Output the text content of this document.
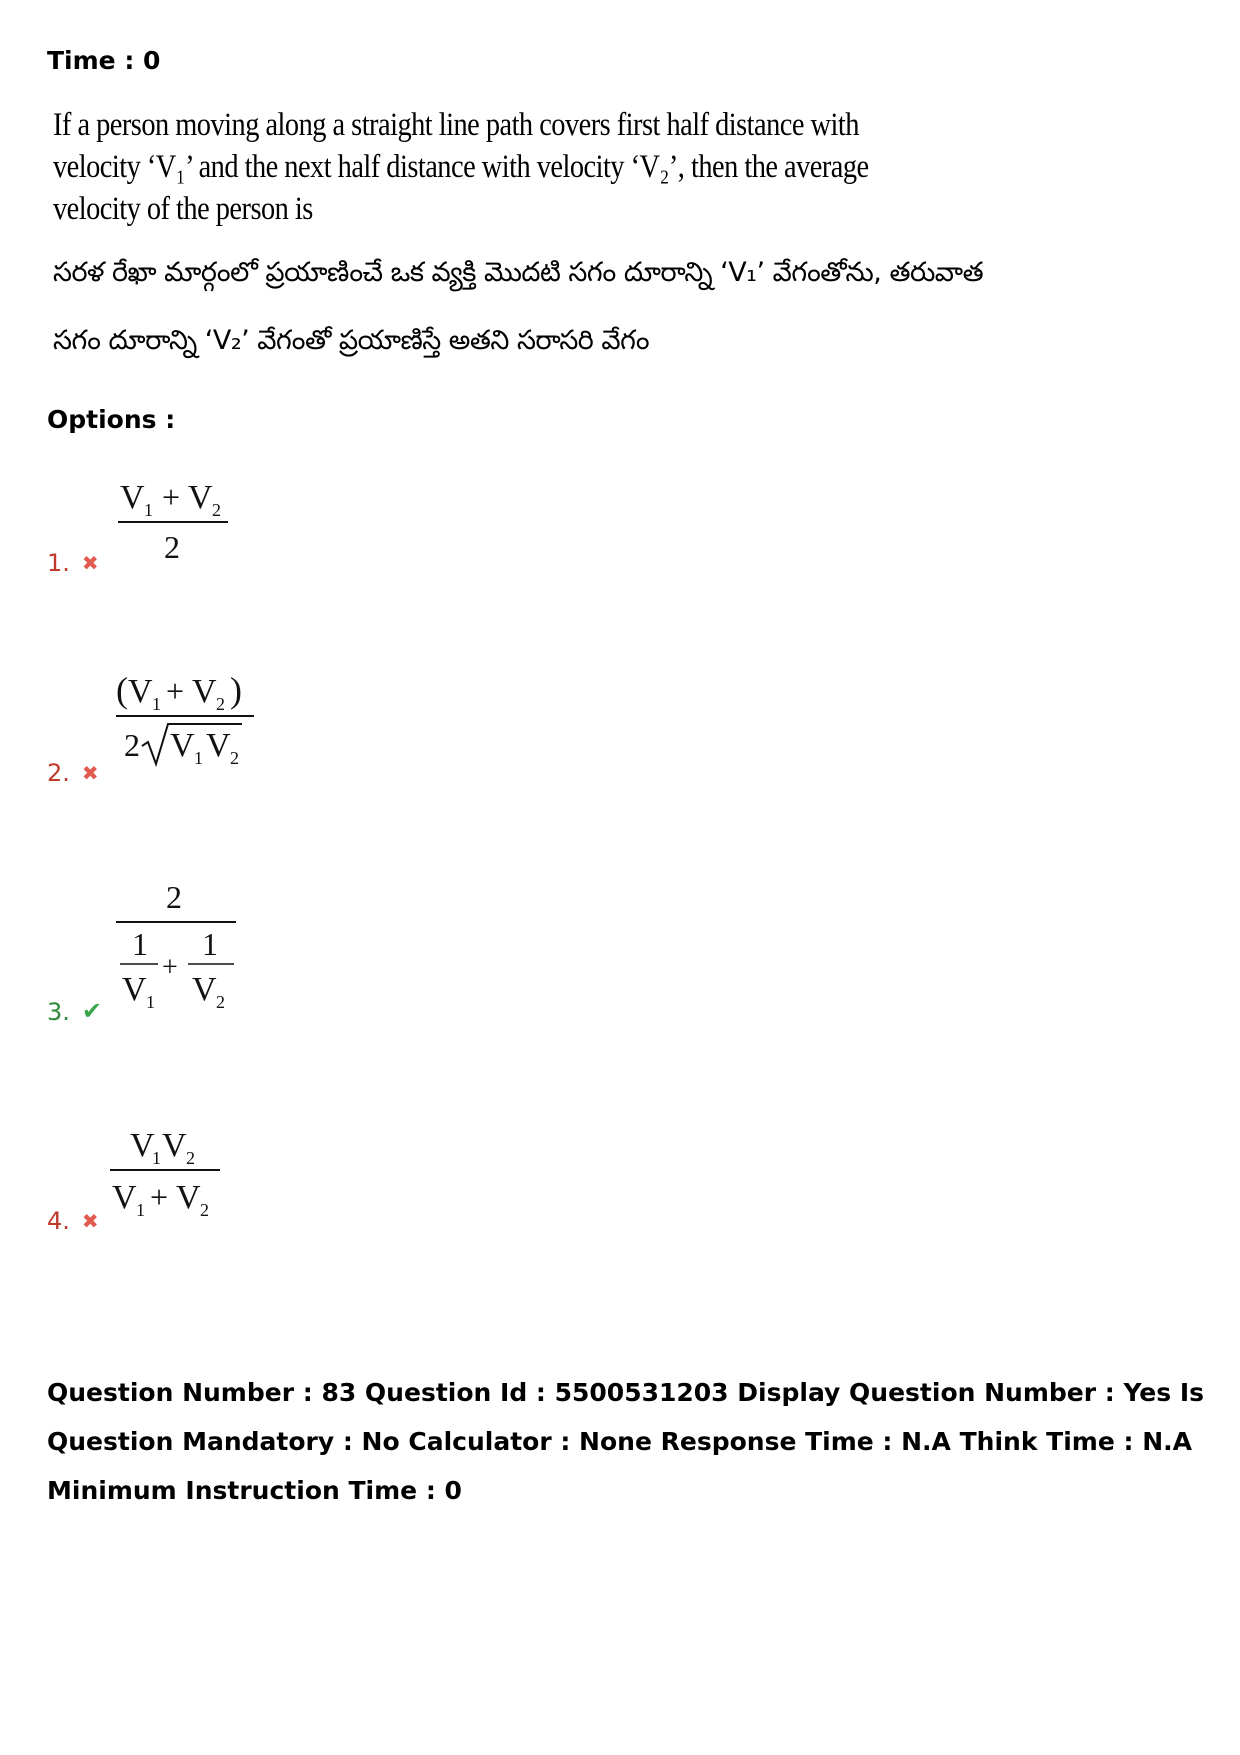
Time : 0
If a person moving along a straight line path covers first half distance with velocity ‘V₁’ and the next half distance with velocity ‘V₂’, then the average velocity of the person is
సరళ రేఖా మార్గంలో ప్రయాణించే ఒక వ్యక్తి మొదటి సగం దూరాన్ని ‘V₁’ వేగంతోను, తరువాత
సగం దూరాన్ని ‘V₂’ వేగంతో ప్రయాణిస్తే అతని సరాసరి వేగం
Options :
1. ✖
V 1 + V 2
2
2. ✖
( V 1 + V 2 )
2 V 1 V 2
3. ✔
2
1
V 1
+
1
V 2
4. ✖
V
1 V 2
V 1 + V 2
Question Number : 83 Question Id : 5500531203 Display Question Number : Yes Is Question Mandatory : No Calculator : None Response Time : N.A Think Time : N.A Minimum Instruction Time : 0
